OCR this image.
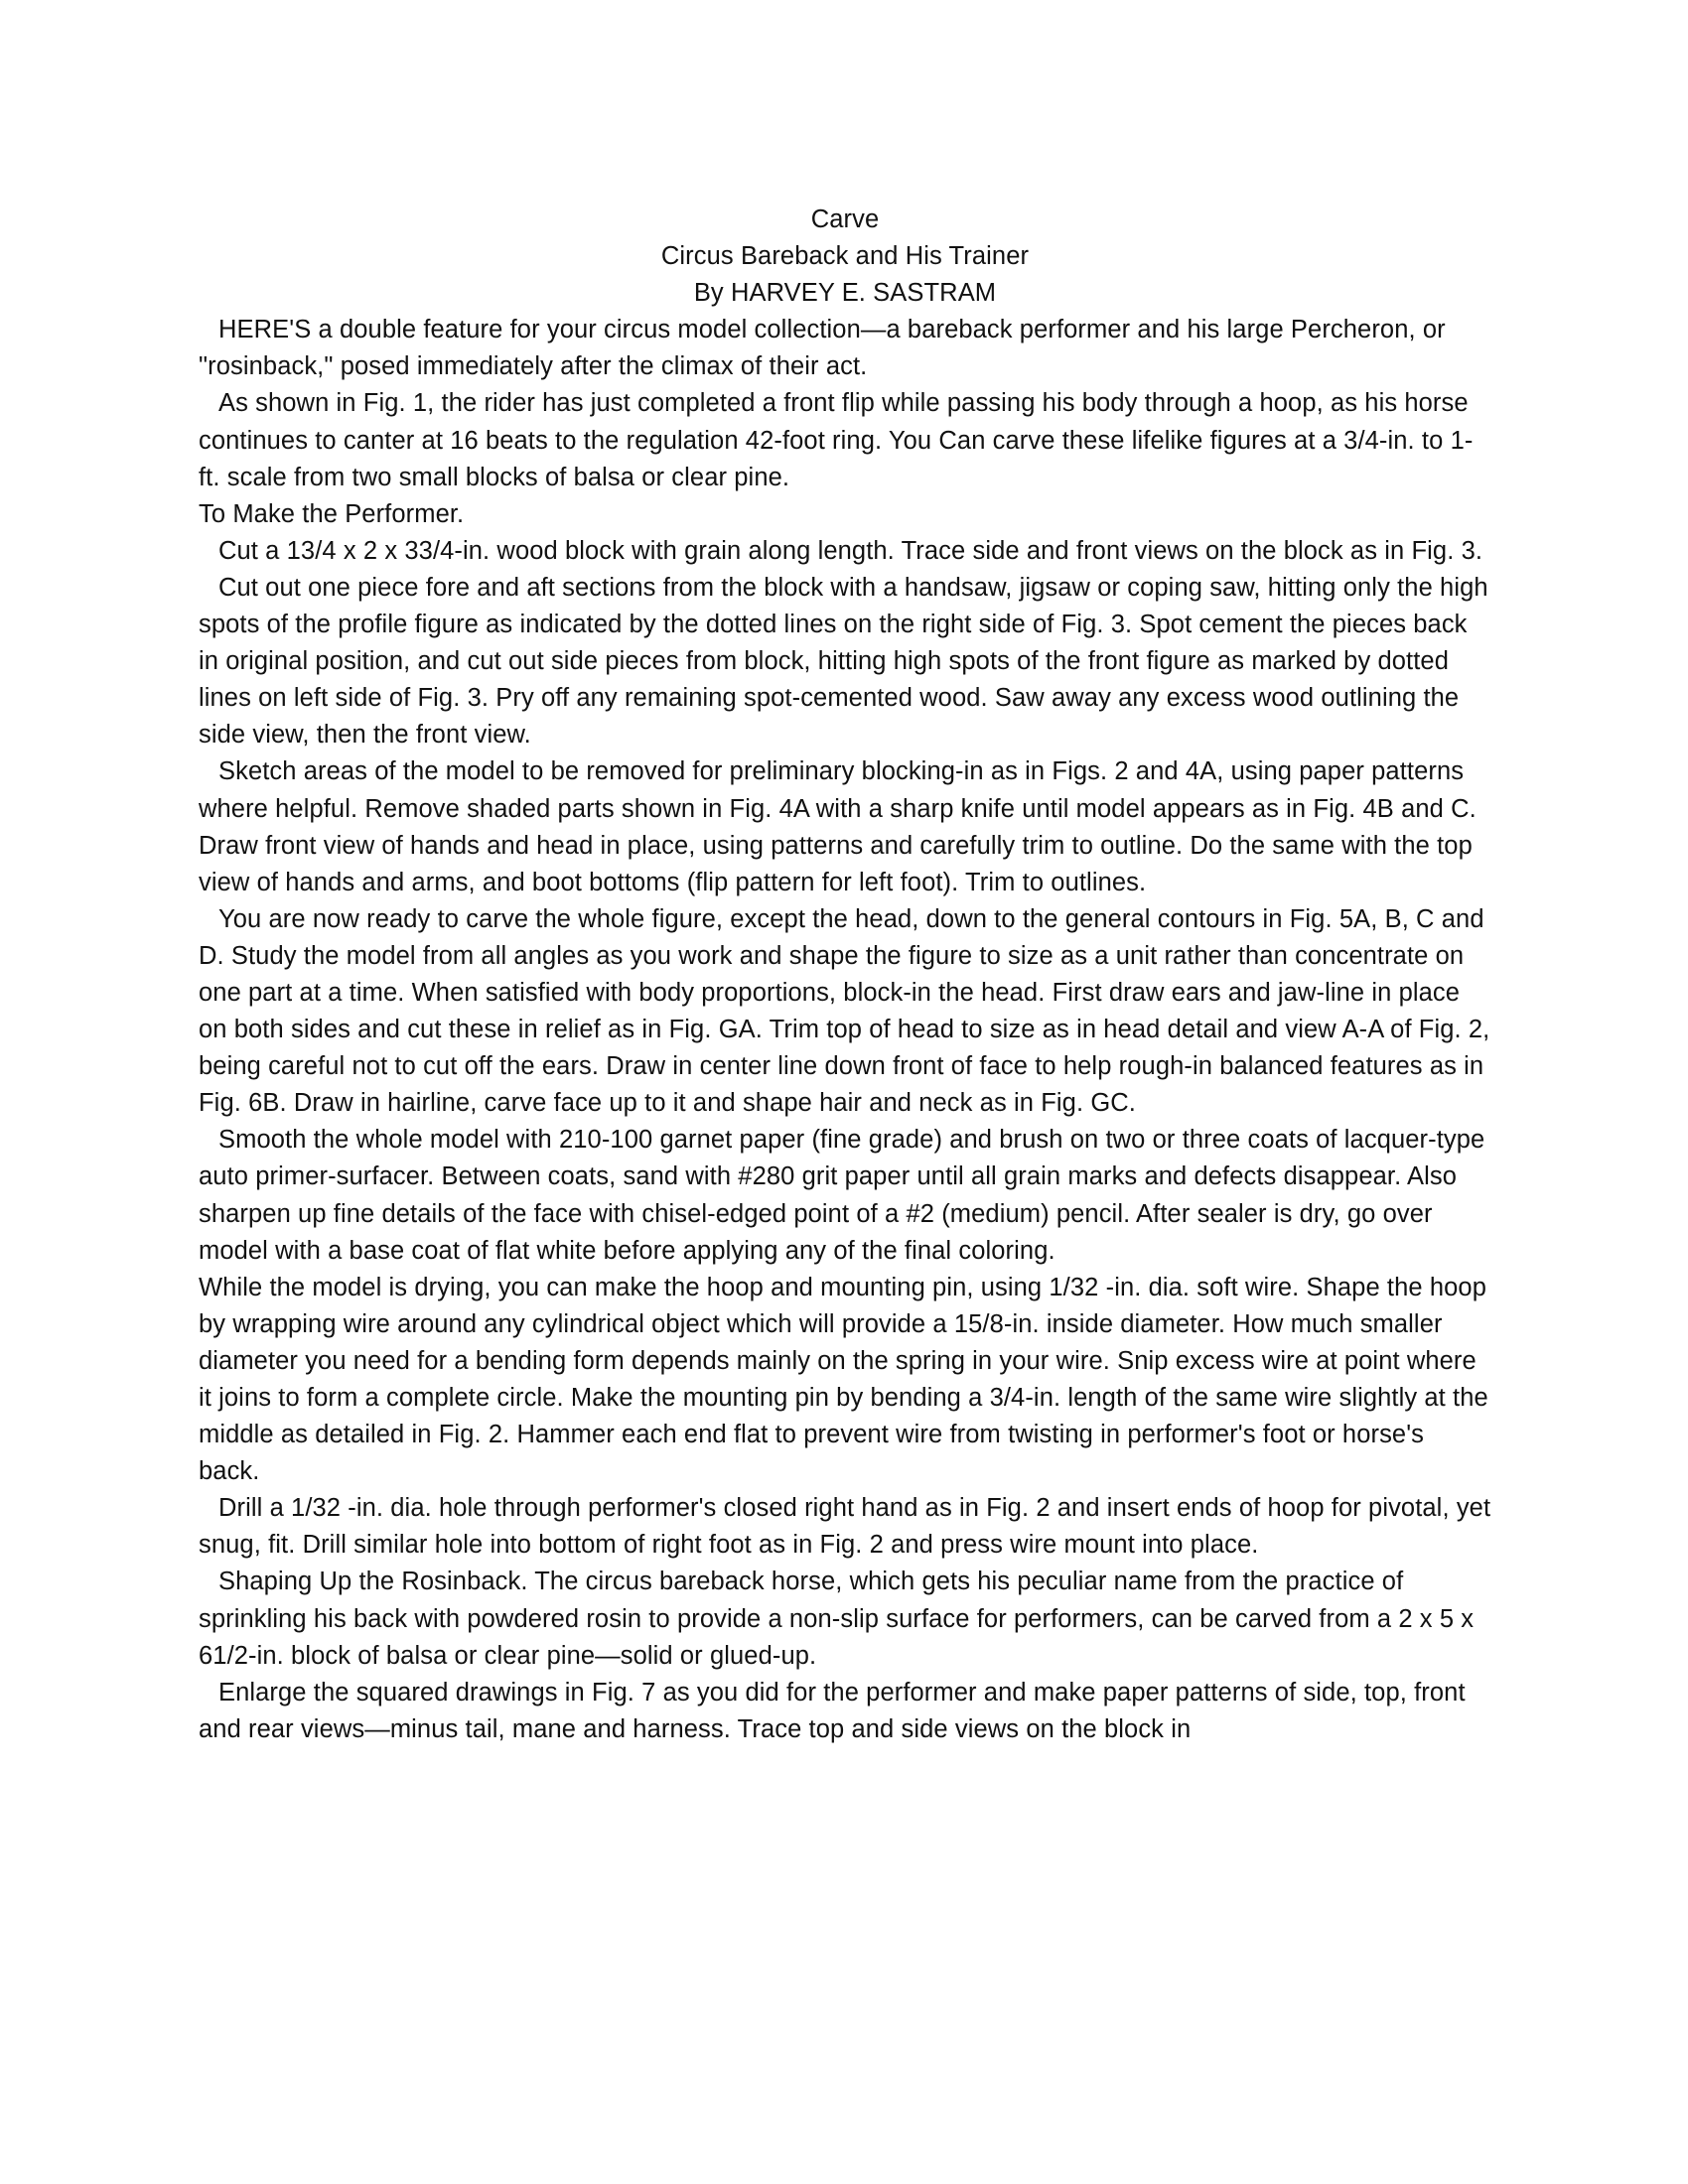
Carve
Circus Bareback and His Trainer
By HARVEY E. SASTRAM

HERE'S a double feature for your circus model collection—a bareback performer and his large Percheron, or "rosinback," posed immediately after the climax of their act.

As shown in Fig. 1, the rider has just completed a front flip while passing his body through a hoop, as his horse continues to canter at 16 beats to the regulation 42-foot ring. You Can carve these lifelike figures at a 3/4-in. to 1-ft. scale from two small blocks of balsa or clear pine.

To Make the Performer.

Cut a 13/4 x 2 x 33/4-in. wood block with grain along length. Trace side and front views on the block as in Fig. 3.

Cut out one piece fore and aft sections from the block with a handsaw, jigsaw or coping saw, hitting only the high spots of the profile figure as indicated by the dotted lines on the right side of Fig. 3. Spot cement the pieces back in original position, and cut out side pieces from block, hitting high spots of the front figure as marked by dotted lines on left side of Fig. 3. Pry off any remaining spot-cemented wood. Saw away any excess wood outlining the side view, then the front view.

Sketch areas of the model to be removed for preliminary blocking-in as in Figs. 2 and 4A, using paper patterns where helpful. Remove shaded parts shown in Fig. 4A with a sharp knife until model appears as in Fig. 4B and C. Draw front view of hands and head in place, using patterns and carefully trim to outline. Do the same with the top view of hands and arms, and boot bottoms (flip pattern for left foot). Trim to outlines.

You are now ready to carve the whole figure, except the head, down to the general contours in Fig. 5A, B, C and D. Study the model from all angles as you work and shape the figure to size as a unit rather than concentrate on one part at a time. When satisfied with body proportions, block-in the head. First draw ears and jaw-line in place on both sides and cut these in relief as in Fig. GA. Trim top of head to size as in head detail and view A-A of Fig. 2, being careful not to cut off the ears. Draw in center line down front of face to help rough-in balanced features as in Fig. 6B. Draw in hairline, carve face up to it and shape hair and neck as in Fig. GC.

Smooth the whole model with 210-100 garnet paper (fine grade) and brush on two or three coats of lacquer-type auto primer-surfacer. Between coats, sand with #280 grit paper until all grain marks and defects disappear. Also sharpen up fine details of the face with chisel-edged point of a #2 (medium) pencil. After sealer is dry, go over model with a base coat of flat white before applying any of the final coloring.

While the model is drying, you can make the hoop and mounting pin, using 1/32 -in. dia. soft wire. Shape the hoop by wrapping wire around any cylindrical object which will provide a 15/8-in. inside diameter. How much smaller diameter you need for a bending form depends mainly on the spring in your wire. Snip excess wire at point where it joins to form a complete circle. Make the mounting pin by bending a 3/4-in. length of the same wire slightly at the middle as detailed in Fig. 2. Hammer each end flat to prevent wire from twisting in performer's foot or horse's back.

Drill a 1/32 -in. dia. hole through performer's closed right hand as in Fig. 2 and insert ends of hoop for pivotal, yet snug, fit. Drill similar hole into bottom of right foot as in Fig. 2 and press wire mount into place.

Shaping Up the Rosinback. The circus bareback horse, which gets his peculiar name from the practice of sprinkling his back with powdered rosin to provide a non-slip surface for performers, can be carved from a 2 x 5 x 61/2-in. block of balsa or clear pine—solid or glued-up.

Enlarge the squared drawings in Fig. 7 as you did for the performer and make paper patterns of side, top, front and rear views—minus tail, mane and harness. Trace top and side views on the block in
